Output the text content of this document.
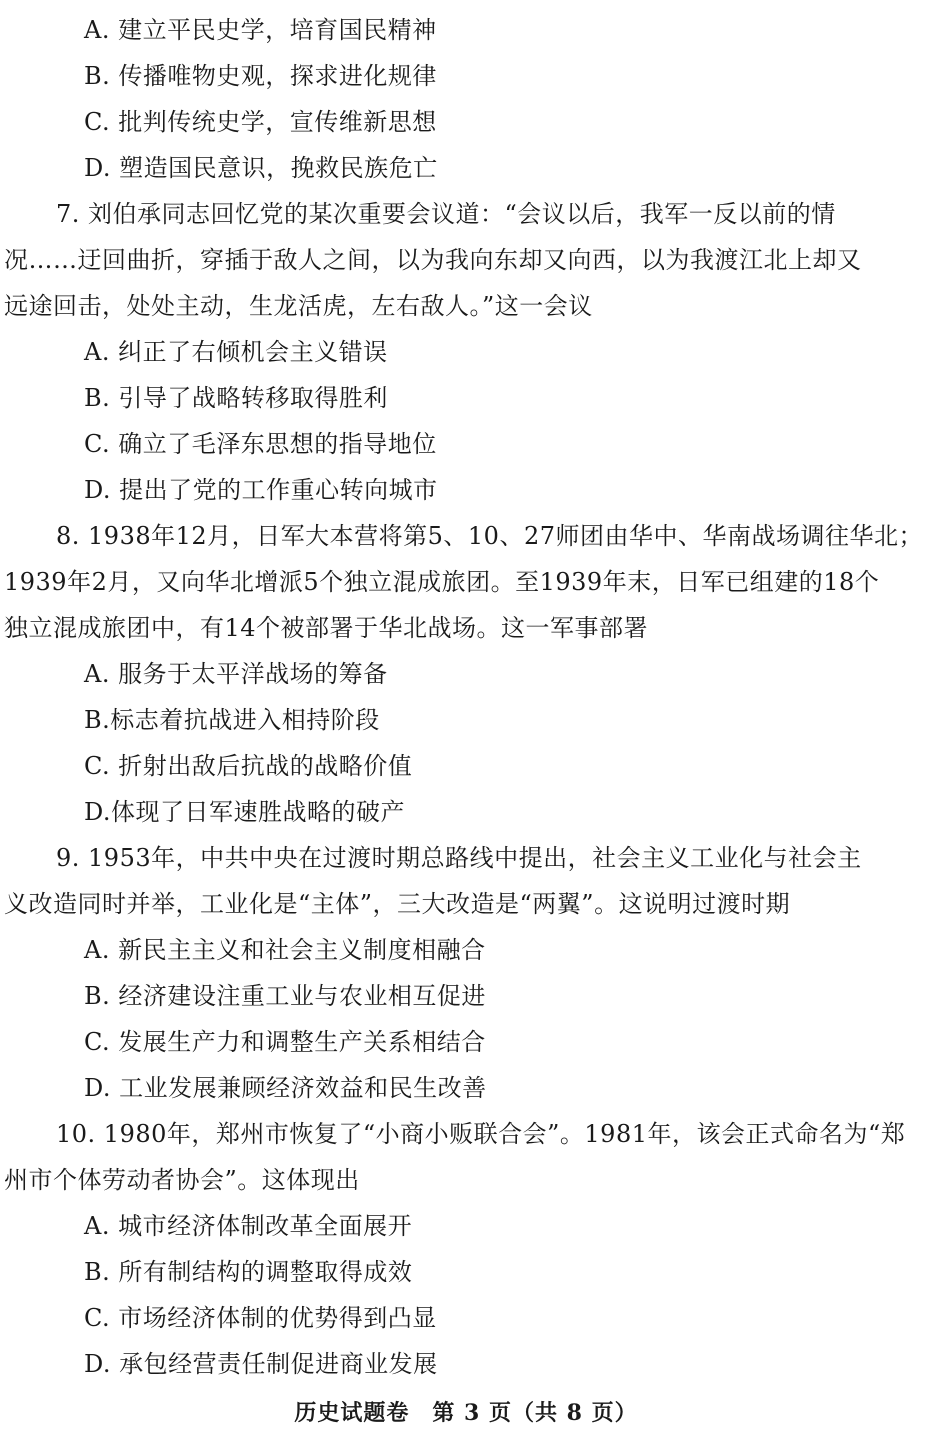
A. 建立平民史学，培育国民精神
B. 传播唯物史观，探求进化规律
C. 批判传统史学，宣传维新思想
D. 塑造国民意识，挽救民族危亡
7. 刘伯承同志回忆党的某次重要会议道：“会议以后，我军一反以前的情
况……迂回曲折，穿插于敌人之间，以为我向东却又向西，以为我渡江北上却又
远途回击，处处主动，生龙活虎，左右敌人。”这一会议
A. 纠正了右倾机会主义错误
B. 引导了战略转移取得胜利
C. 确立了毛泽东思想的指导地位
D. 提出了党的工作重心转向城市
8. 1938年12月，日军大本营将第5、10、27师团由华中、华南战场调往华北；
1939年2月，又向华北增派5个独立混成旅团。至1939年末，日军已组建的18个
独立混成旅团中，有14个被部署于华北战场。这一军事部署
A. 服务于太平洋战场的筹备
B.标志着抗战进入相持阶段
C. 折射出敌后抗战的战略价值
D.体现了日军速胜战略的破产
9. 1953年，中共中央在过渡时期总路线中提出，社会主义工业化与社会主
义改造同时并举，工业化是“主体”，三大改造是“两翼”。这说明过渡时期
A. 新民主主义和社会主义制度相融合
B. 经济建设注重工业与农业相互促进
C. 发展生产力和调整生产关系相结合
D. 工业发展兼顾经济效益和民生改善
10. 1980年，郑州市恢复了“小商小贩联合会”。1981年，该会正式命名为“郑
州市个体劳动者协会”。这体现出
A. 城市经济体制改革全面展开
B. 所有制结构的调整取得成效
C. 市场经济体制的优势得到凸显
D. 承包经营责任制促进商业发展
历史试题卷　第 3 页（共 8 页）
